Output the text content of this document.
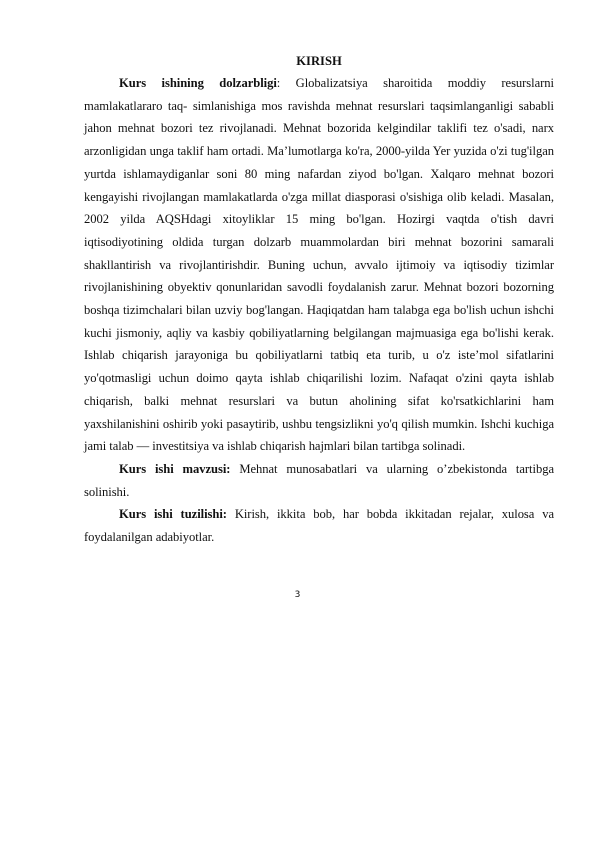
KIRISH

Kurs ishining dolzarbligi: Globalizatsiya sharoitida moddiy resurslarni mamlakatlararo taq- simlanishiga mos ravishda mehnat resurslari taqsimlanganligi sababli jahon mehnat bozori tez rivojlanadi. Mehnat bozorida kelgindilar taklifi tez o'sadi, narx arzonligidan unga taklif ham ortadi. Ma’lumotlarga ko'ra, 2000-yilda Yer yuzida o'zi tug'ilgan yurtda ishlamaydiganlar soni 80 ming nafardan ziyod bo'lgan. Xalqaro mehnat bozori kengayishi rivojlangan mamlakatlarda o'zga millat diasporasi o'sishiga olib keladi. Masalan, 2002 yilda AQSHdagi xitoyliklar 15 ming bo'lgan. Hozirgi vaqtda o'tish davri iqtisodiyotining oldida turgan dolzarb muammolardan biri mehnat bozorini samarali shakllantirish va rivojlantirishdir. Buning uchun, avvalo ijtimoiy va iqtisodiy tizimlar rivojlanishining obyektiv qonunlaridan savodli foydalanish zarur. Mehnat bozori bozorning boshqa tizimchalari bilan uzviy bog'langan. Haqiqatdan ham talabga ega bo'lish uchun ishchi kuchi jismoniy, aqliy va kasbiy qobiliyatlarning belgilangan majmuasiga ega bo'lishi kerak. Ishlab chiqarish jarayoniga bu qobiliyatlarni tatbiq eta turib, u o'z iste’mol sifatlarini yo'qotmasligi uchun doimo qayta ishlab chiqarilishi lozim. Nafaqat o'zini qayta ishlab chiqarish, balki mehnat resurslari va butun aholining sifat ko'rsatkichlarini ham yaxshilanishini oshirib yoki pasaytirib, ushbu tengsizlikni yo'q qilish mumkin. Ishchi kuchiga jami talab — investitsiya va ishlab chiqarish hajmlari bilan tartibga solinadi.

Kurs ishi mavzusi: Mehnat munosabatlari va ularning o’zbekistonda tartibga solinishi.

Kurs ishi tuzilishi: Kirish, ikkita bob, har bobda ikkitadan rejalar, xulosa va foydalanilgan adabiyotlar.

3
